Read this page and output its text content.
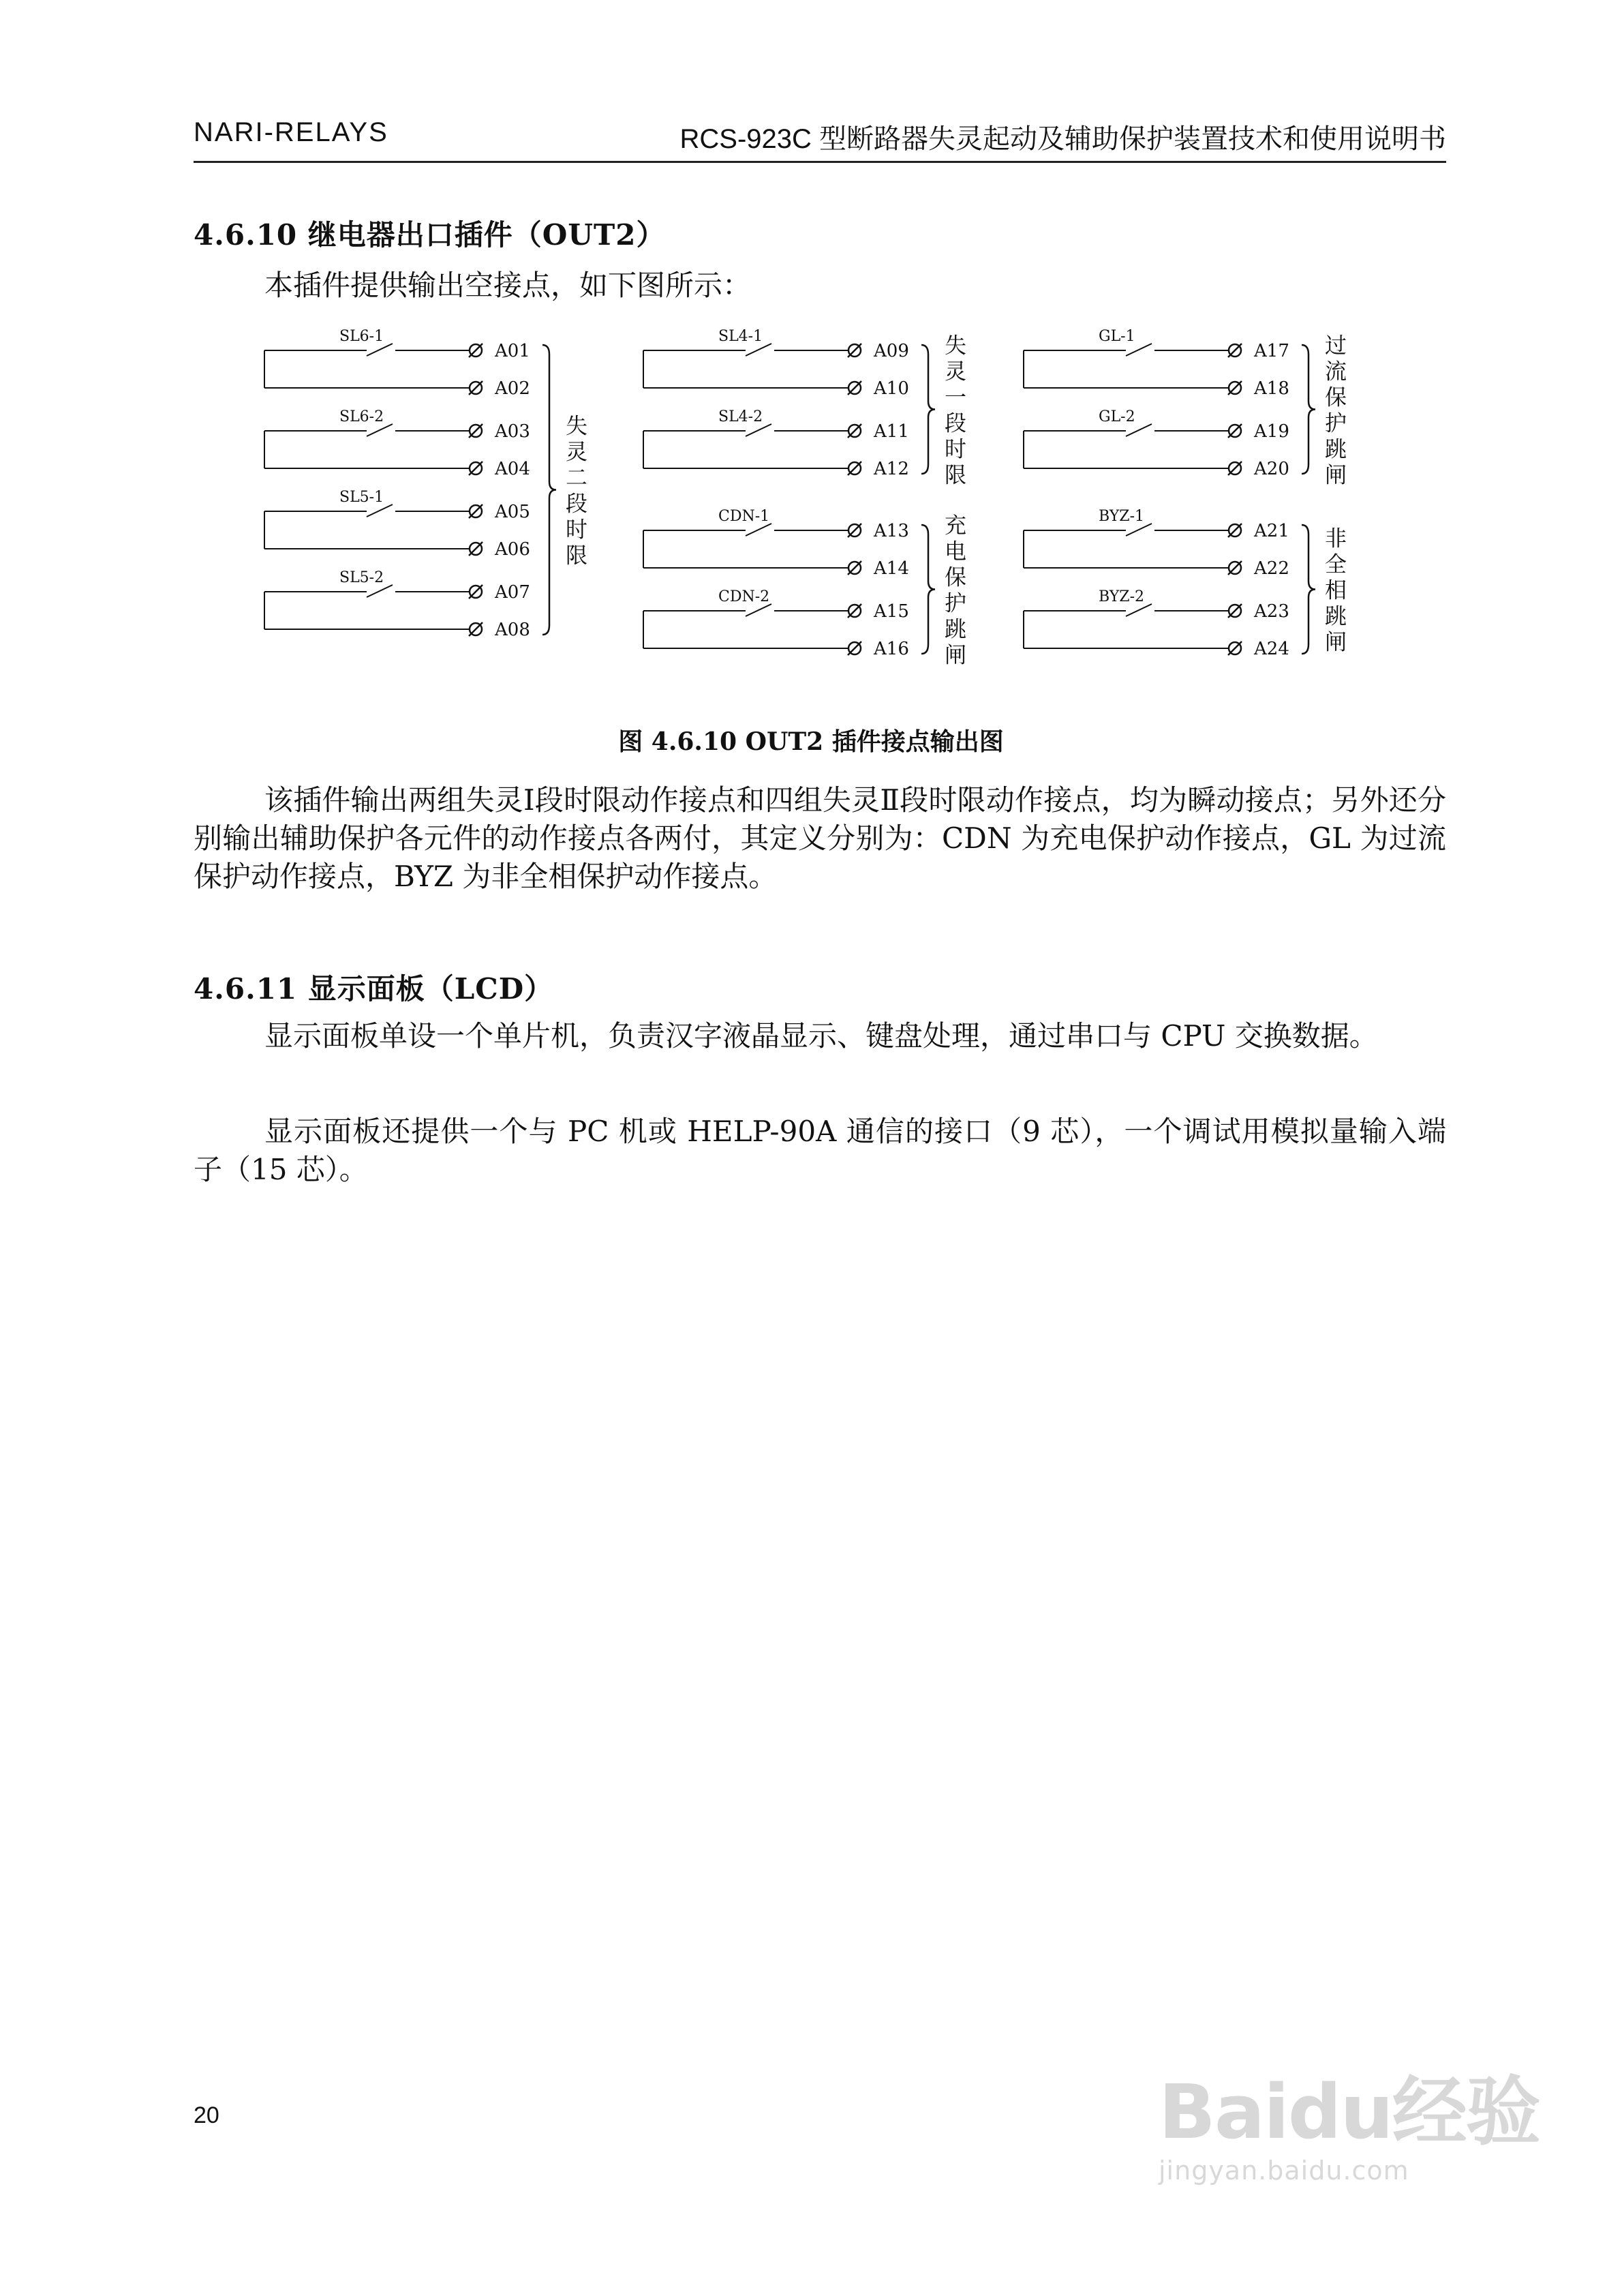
NARI-RELAYS	RCS-923C 型断路器失灵起动及辅助保护装置技术和使用说明书
4.6.10 继电器出口插件（OUT2）
本插件提供输出空接点，如下图所示：
SL6-1
A01
A02
SL6-2
A03
A04
SL5-1
A05
A06
SL5-2
A07
A08
失
灵
二
段
时
限
SL4-1
A09
A10
SL4-2
A11
A12
失
灵
一
段
时
限
CDN-1
A13
A14
CDN-2
A15
A16
充
电
保
护
跳
闸
GL-1
A17
A18
GL-2
A19
A20
过
流
保
护
跳
闸
BYZ-1
A21
A22
BYZ-2
A23
A24
非
全
相
跳
闸
图 4.6.10 OUT2 插件接点输出图
该插件输出两组失灵Ⅰ段时限动作接点和四组失灵Ⅱ段时限动作接点，均为瞬动接点；另外还分别输出辅助保护各元件的动作接点各两付，其定义分别为：CDN 为充电保护动作接点，GL 为过流保护动作接点，BYZ 为非全相保护动作接点。
4.6.11 显示面板（LCD）
显示面板单设一个单片机，负责汉字液晶显示、键盘处理，通过串口与 CPU 交换数据。
显示面板还提供一个与 PC 机或 HELP-90A 通信的接口（9 芯），一个调试用模拟量输入端子（15 芯）。
20	Baidu经验
jingyan.baidu.com
